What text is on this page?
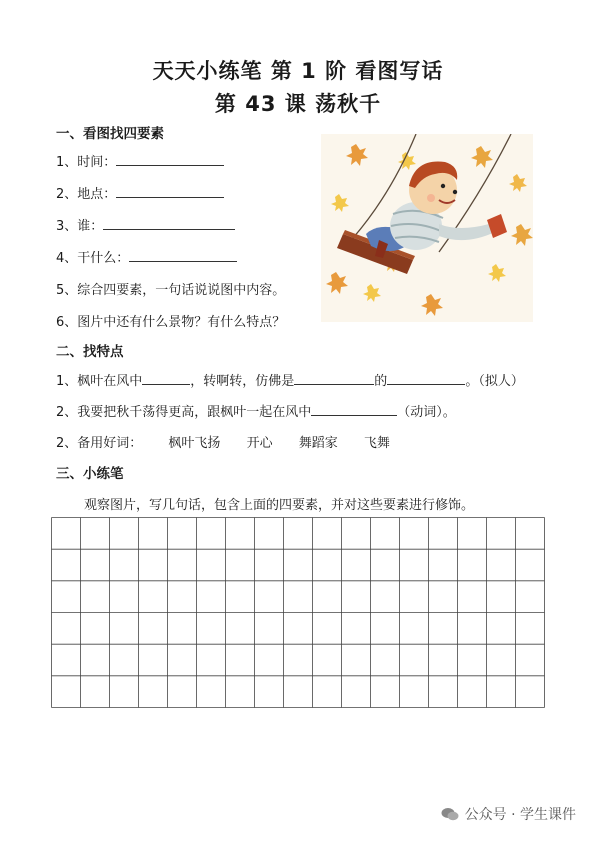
天天小练笔 第 1 阶 看图写话
第 43 课 荡秋千
一、看图找四要素
1、时间：
2、地点：
3、谁：
4、干什么：
5、综合四要素，一句话说说图中内容。
6、图片中还有什么景物？有什么特点？
二、找特点
1、枫叶在风中	，转啊转，仿佛是	的	。（拟人）
2、我要把秋千荡得更高，跟枫叶一起在风中	（动词）。
2、备用好词： 枫叶飞扬 开心 舞蹈家 飞舞
三、小练笔
观察图片，写几句话，包含上面的四要素，并对这些要素进行修饰。
公众号 · 学生课件
